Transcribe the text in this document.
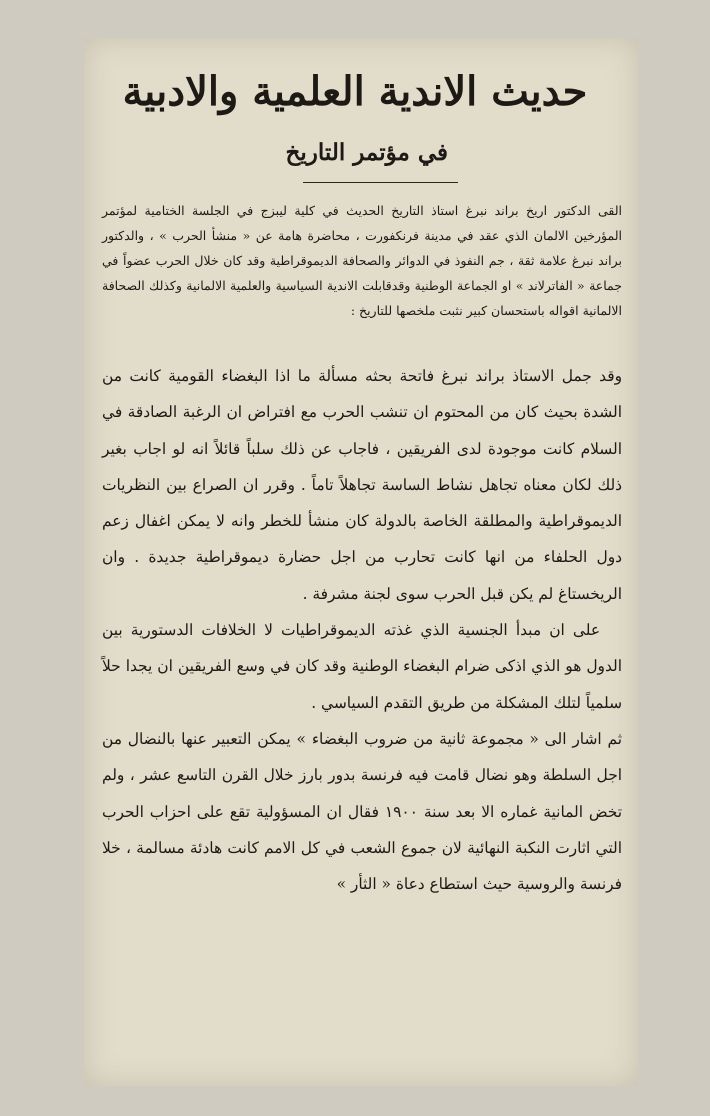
حديث الاندية العلمية والادبية
في مؤتمر التاريخ

القى الدكتور اريخ براند نبرغ استاذ التاريخ الحديث في كلية ليبزج في الجلسة الختامية لمؤتمر المؤرخين الالمان الذي عقد في مدينة فرنكفورت ، محاضرة هامة عن « منشأ الحرب » ، والدكتور براند نبرغ علامة ثقة ، جم النفوذ في الدوائر والصحافة الديموقراطية وقد كان خلال الحرب عضواً في جماعة « الفاترلاند » او الجماعة الوطنية وقدقابلت الاندية السياسية والعلمية الالمانية وكذلك الصحافة الالمانية اقواله باستحسان كبير نثبت ملخصها للتاريخ :

وقد جمل الاستاذ براند نبرغ فاتحة بحثه مسألة ما اذا البغضاء القومية كانت من الشدة بحيث كان من المحتوم ان تنشب الحرب مع افتراض ان الرغبة الصادقة في السلام كانت موجودة لدى الفريقين ، فاجاب عن ذلك سلباً قائلاً انه لو اجاب بغير ذلك لكان معناه تجاهل نشاط الساسة تجاهلاً تاماً . وقرر ان الصراع بين النظريات الديموقراطية والمطلقة الخاصة بالدولة كان منشأ للخطر وانه لا يمكن اغفال زعم دول الحلفاء من انها كانت تحارب من اجل حضارة ديموقراطية جديدة . وان الريخستاغ لم يكن قبل الحرب سوى لجنة مشرفة .

على ان مبدأ الجنسية الذي غذته الديموقراطيات لا الخلافات الدستورية بين الدول هو الذي اذكى ضرام البغضاء الوطنية وقد كان في وسع الفريقين ان يجدا حلاً سلمياً لتلك المشكلة من طريق التقدم السياسي .

ثم اشار الى « مجموعة ثانية من ضروب البغضاء » يمكن التعبير عنها بالنضال من اجل السلطة وهو نضال قامت فيه فرنسة بدور بارز خلال القرن التاسع عشر ، ولم تخض المانية غماره الا بعد سنة ١٩٠٠ فقال ان المسؤولية تقع على احزاب الحرب التي اثارت النكبة النهائية لان جموع الشعب في كل الامم كانت هادئة مسالمة ، خلا فرنسة والروسية حيث استطاع دعاة « الثأر »
